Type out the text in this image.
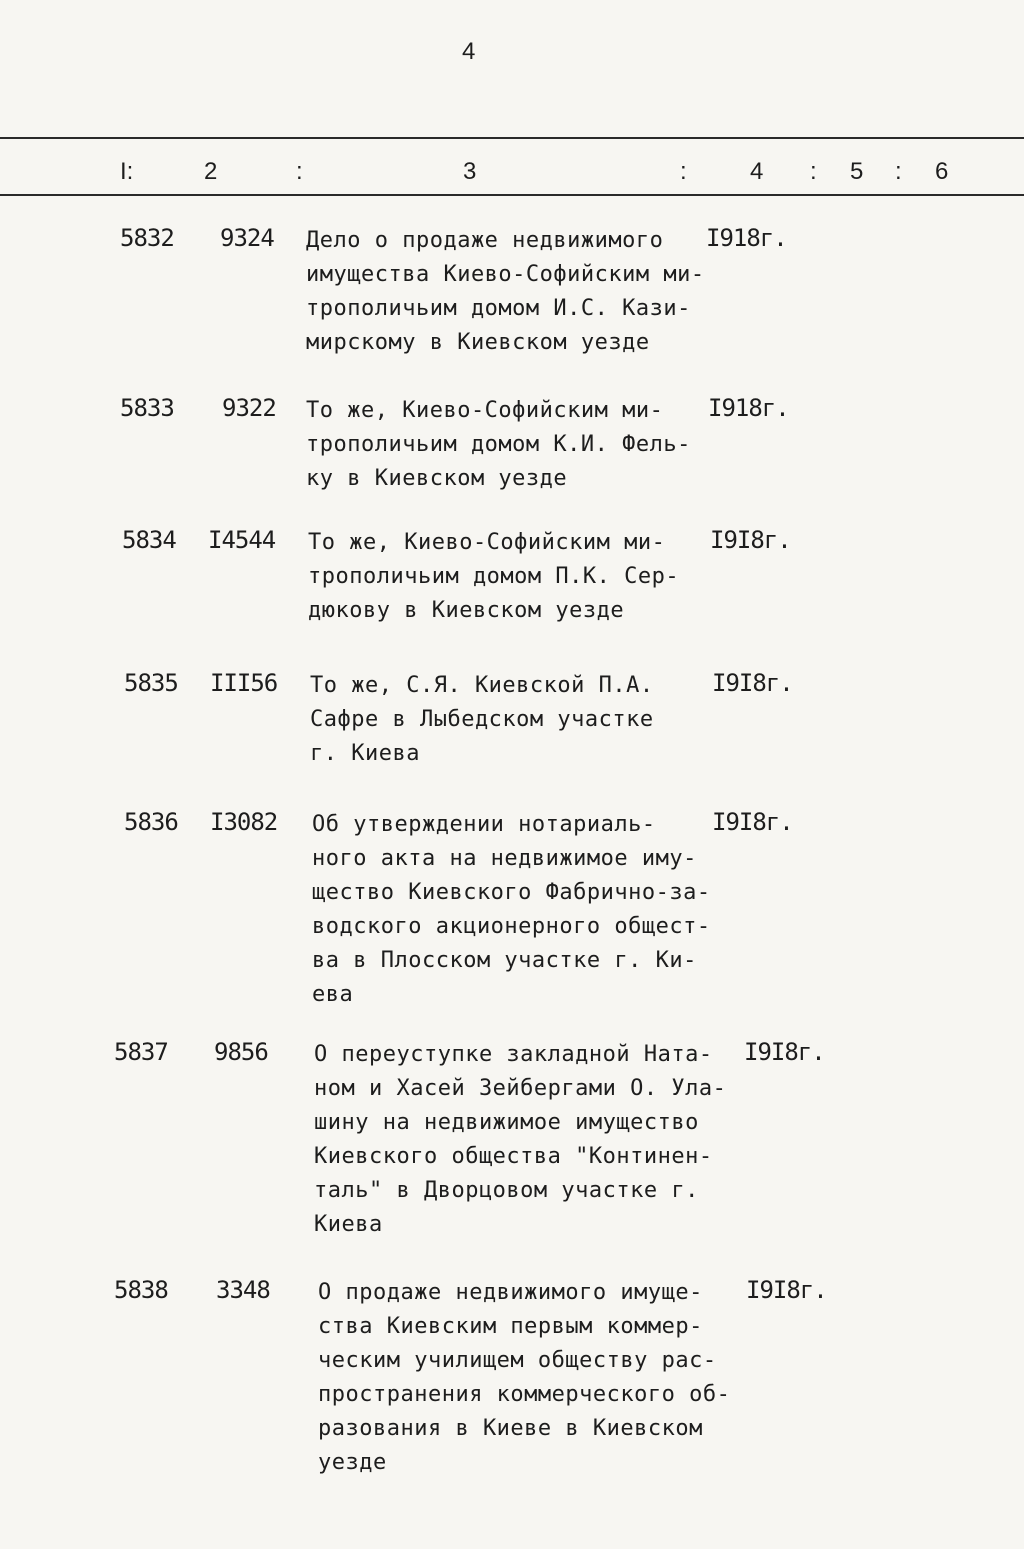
4
I:	2	:	3	:	4 : 5 : 6
5832 9324 Дело о продаже недвижимого
имущества Киево-Софийским ми-
трополичьим домом И.С. Кази-
мирскому в Киевском уезде
I918г.
5833 9322 То же, Киево-Софийским ми-
трополичьим домом К.И. Фель-
ку в Киевском уезде
I918г.
5834 I4544 То же, Киево-Софийским ми-
трополичьим домом П.К. Сер-
дюкову в Киевском уезде
I9I8г.
5835 III56 То же, С.Я. Киевской П.А.
Сафре в Лыбедском участке
г. Киева
I9I8г.
5836 I3082 Об утверждении нотариаль-
ного акта на недвижимое иму-
щество Киевского Фабрично-за-
водского акционерного общест-
ва в Плосском участке г. Ки-
ева
I9I8г.
5837 9856 О переуступке закладной Ната-
ном и Хасей Зейбергами О. Ула-
шину на недвижимое имущество
Киевского общества "Континен-
таль" в Дворцовом участке г.
Киева
I9I8г.
5838 3348 О продаже недвижимого имуще-
ства Киевским первым коммер-
ческим училищем обществу рас-
пространения коммерческого об-
разования в Киеве в Киевском
уезде
I9I8г.
